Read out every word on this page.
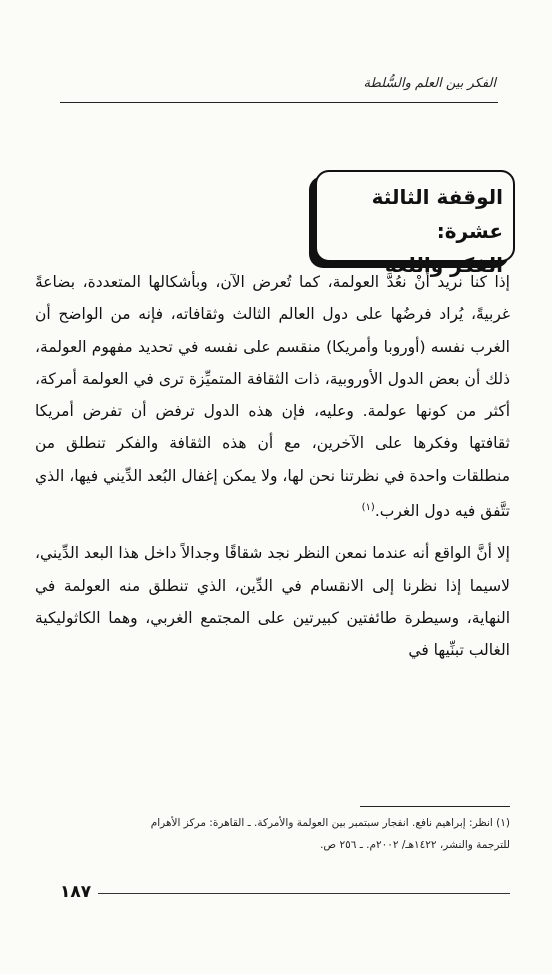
الفكر بين العلم والسُّلطة
الوقفة الثالثة عشرة:
الفكر واللغة

إذا كنا نريد أنْ نعُدَّ العولمة، كما تُعرض الآن، وبأشكالها المتعددة، بضاعةً غربيةً، يُراد فرضُها على دول العالم الثالث وثقافاته، فإنه من الواضح أن الغرب نفسه (أوروبا وأمريكا) منقسم على نفسه في تحديد مفهوم العولمة، ذلك أن بعض الدول الأوروبية، ذات الثقافة المتميِّزة ترى في العولمة أمركة، أكثر من كونها عولمة. وعليه، فإن هذه الدول ترفض أن تفرض أمريكا ثقافتها وفكرها على الآخرين، مع أن هذه الثقافة والفكر تنطلق من منطلقات واحدة في نظرتنا نحن لها، ولا يمكن إغفال البُعد الدِّيني فيها، الذي تتَّفق فيه دول الغرب.$^{(١)}$

إلا أنَّ الواقع أنه عندما نمعن النظر نجد شقاقًا وجدالاً داخل هذا البعد الدِّيني، لاسيما إذا نظرنا إلى الانقسام في الدِّين، الذي تنطلق منه العولمة في النهاية، وسيطرة طائفتين كبيرتين على المجتمع الغربي، وهما الكاثوليكية الغالب تبنِّيها في

(١) انظر: إبراهيم نافع. انفجار سبتمبر بين العولمة والأمركة. ـ القاهرة: مركز الأهرام
للترجمة والنشر، ١٤٢٢هـ/ ٢٠٠٢م. ـ ٢٥٦ ص.
١٨٧
